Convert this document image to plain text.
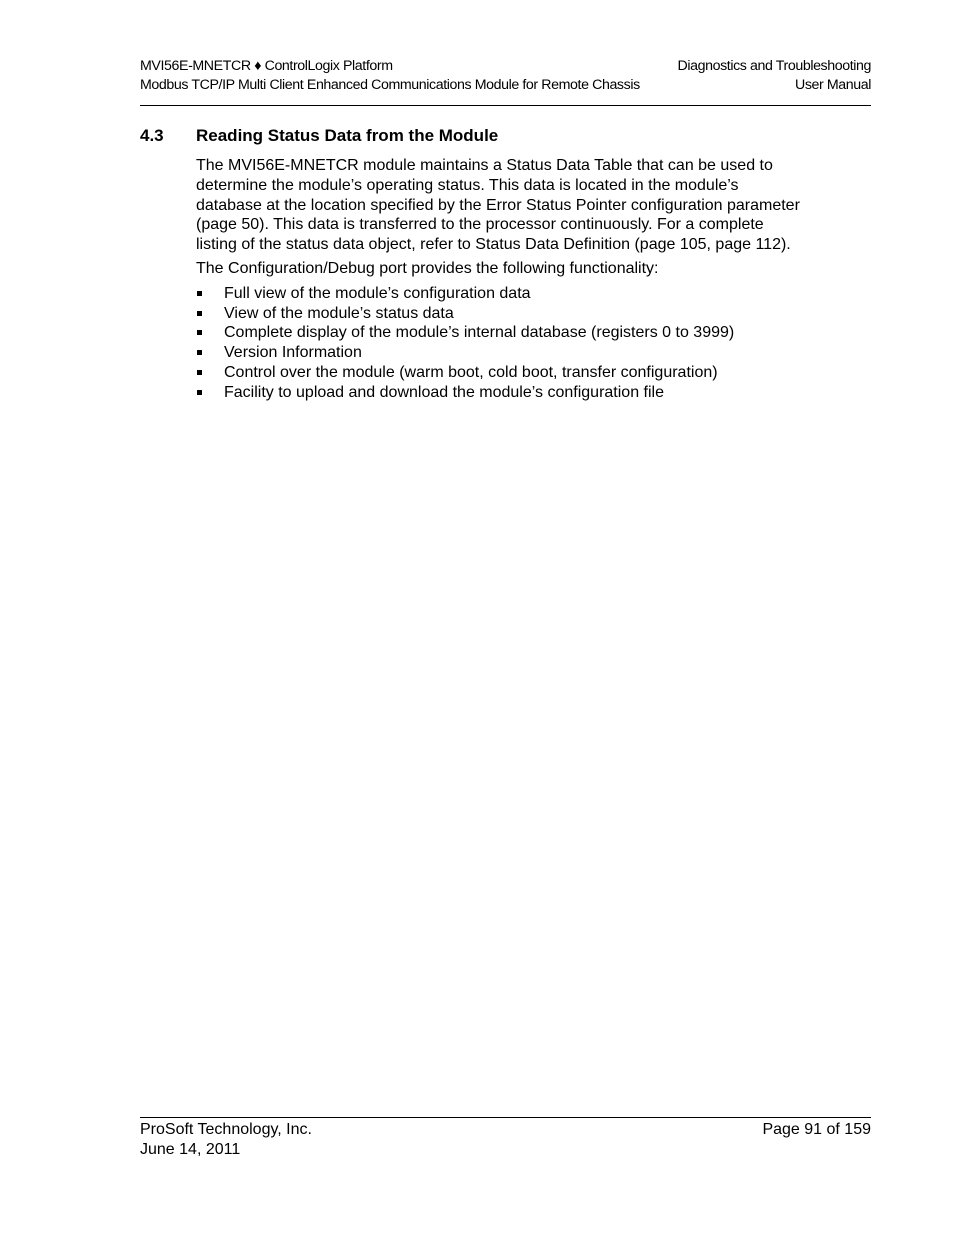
MVI56E-MNETCR ♦ ControlLogix Platform	Diagnostics and Troubleshooting
Modbus TCP/IP Multi Client Enhanced Communications Module for Remote Chassis	User Manual
4.3 Reading Status Data from the Module

The MVI56E-MNETCR module maintains a Status Data Table that can be used to determine the module’s operating status. This data is located in the module’s database at the location specified by the Error Status Pointer configuration parameter (page 50). This data is transferred to the processor continuously. For a complete listing of the status data object, refer to Status Data Definition (page 105, page 112).

The Configuration/Debug port provides the following functionality:

Full view of the module’s configuration data
View of the module’s status data
Complete display of the module’s internal database (registers 0 to 3999)
Version Information
Control over the module (warm boot, cold boot, transfer configuration)
Facility to upload and download the module’s configuration file
ProSoft Technology, Inc.	Page 91 of 159
June 14, 2011
